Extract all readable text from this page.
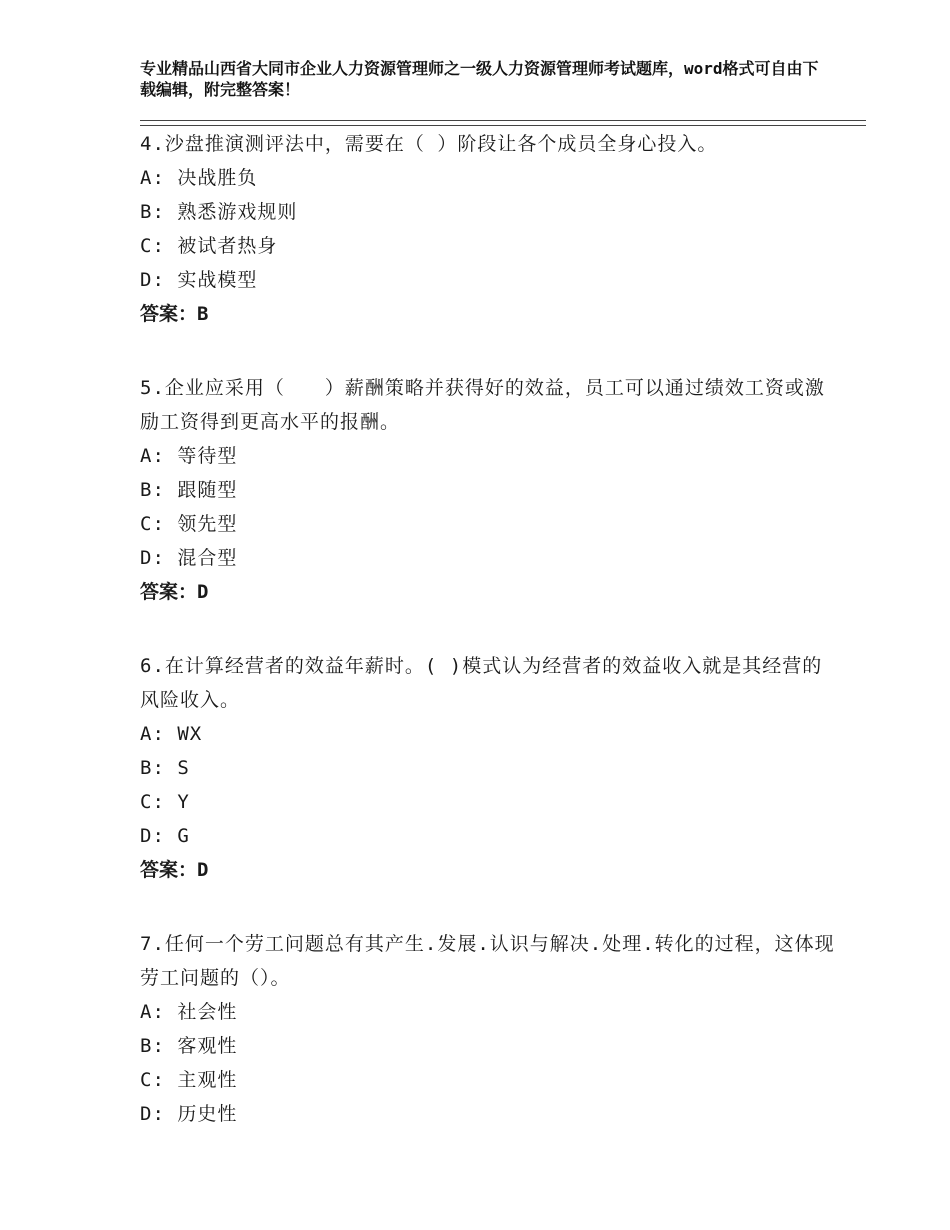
专业精品山西省大同市企业人力资源管理师之一级人力资源管理师考试题库，word格式可自由下载编辑，附完整答案！

4.沙盘推演测评法中，需要在（ ）阶段让各个成员全身心投入。

A: 决战胜负

B: 熟悉游戏规则

C: 被试者热身

D: 实战模型

答案：B

5.企业应采用（　　）薪酬策略并获得好的效益，员工可以通过绩效工资或激励工资得到更高水平的报酬。

A: 等待型

B: 跟随型

C: 领先型

D: 混合型

答案：D

6.在计算经营者的效益年薪时。( )模式认为经营者的效益收入就是其经营的风险收入。

A: WX

B: S

C: Y

D: G

答案：D

7.任何一个劳工问题总有其产生.发展.认识与解决.处理.转化的过程，这体现劳工问题的（）。

A: 社会性

B: 客观性

C: 主观性

D: 历史性
